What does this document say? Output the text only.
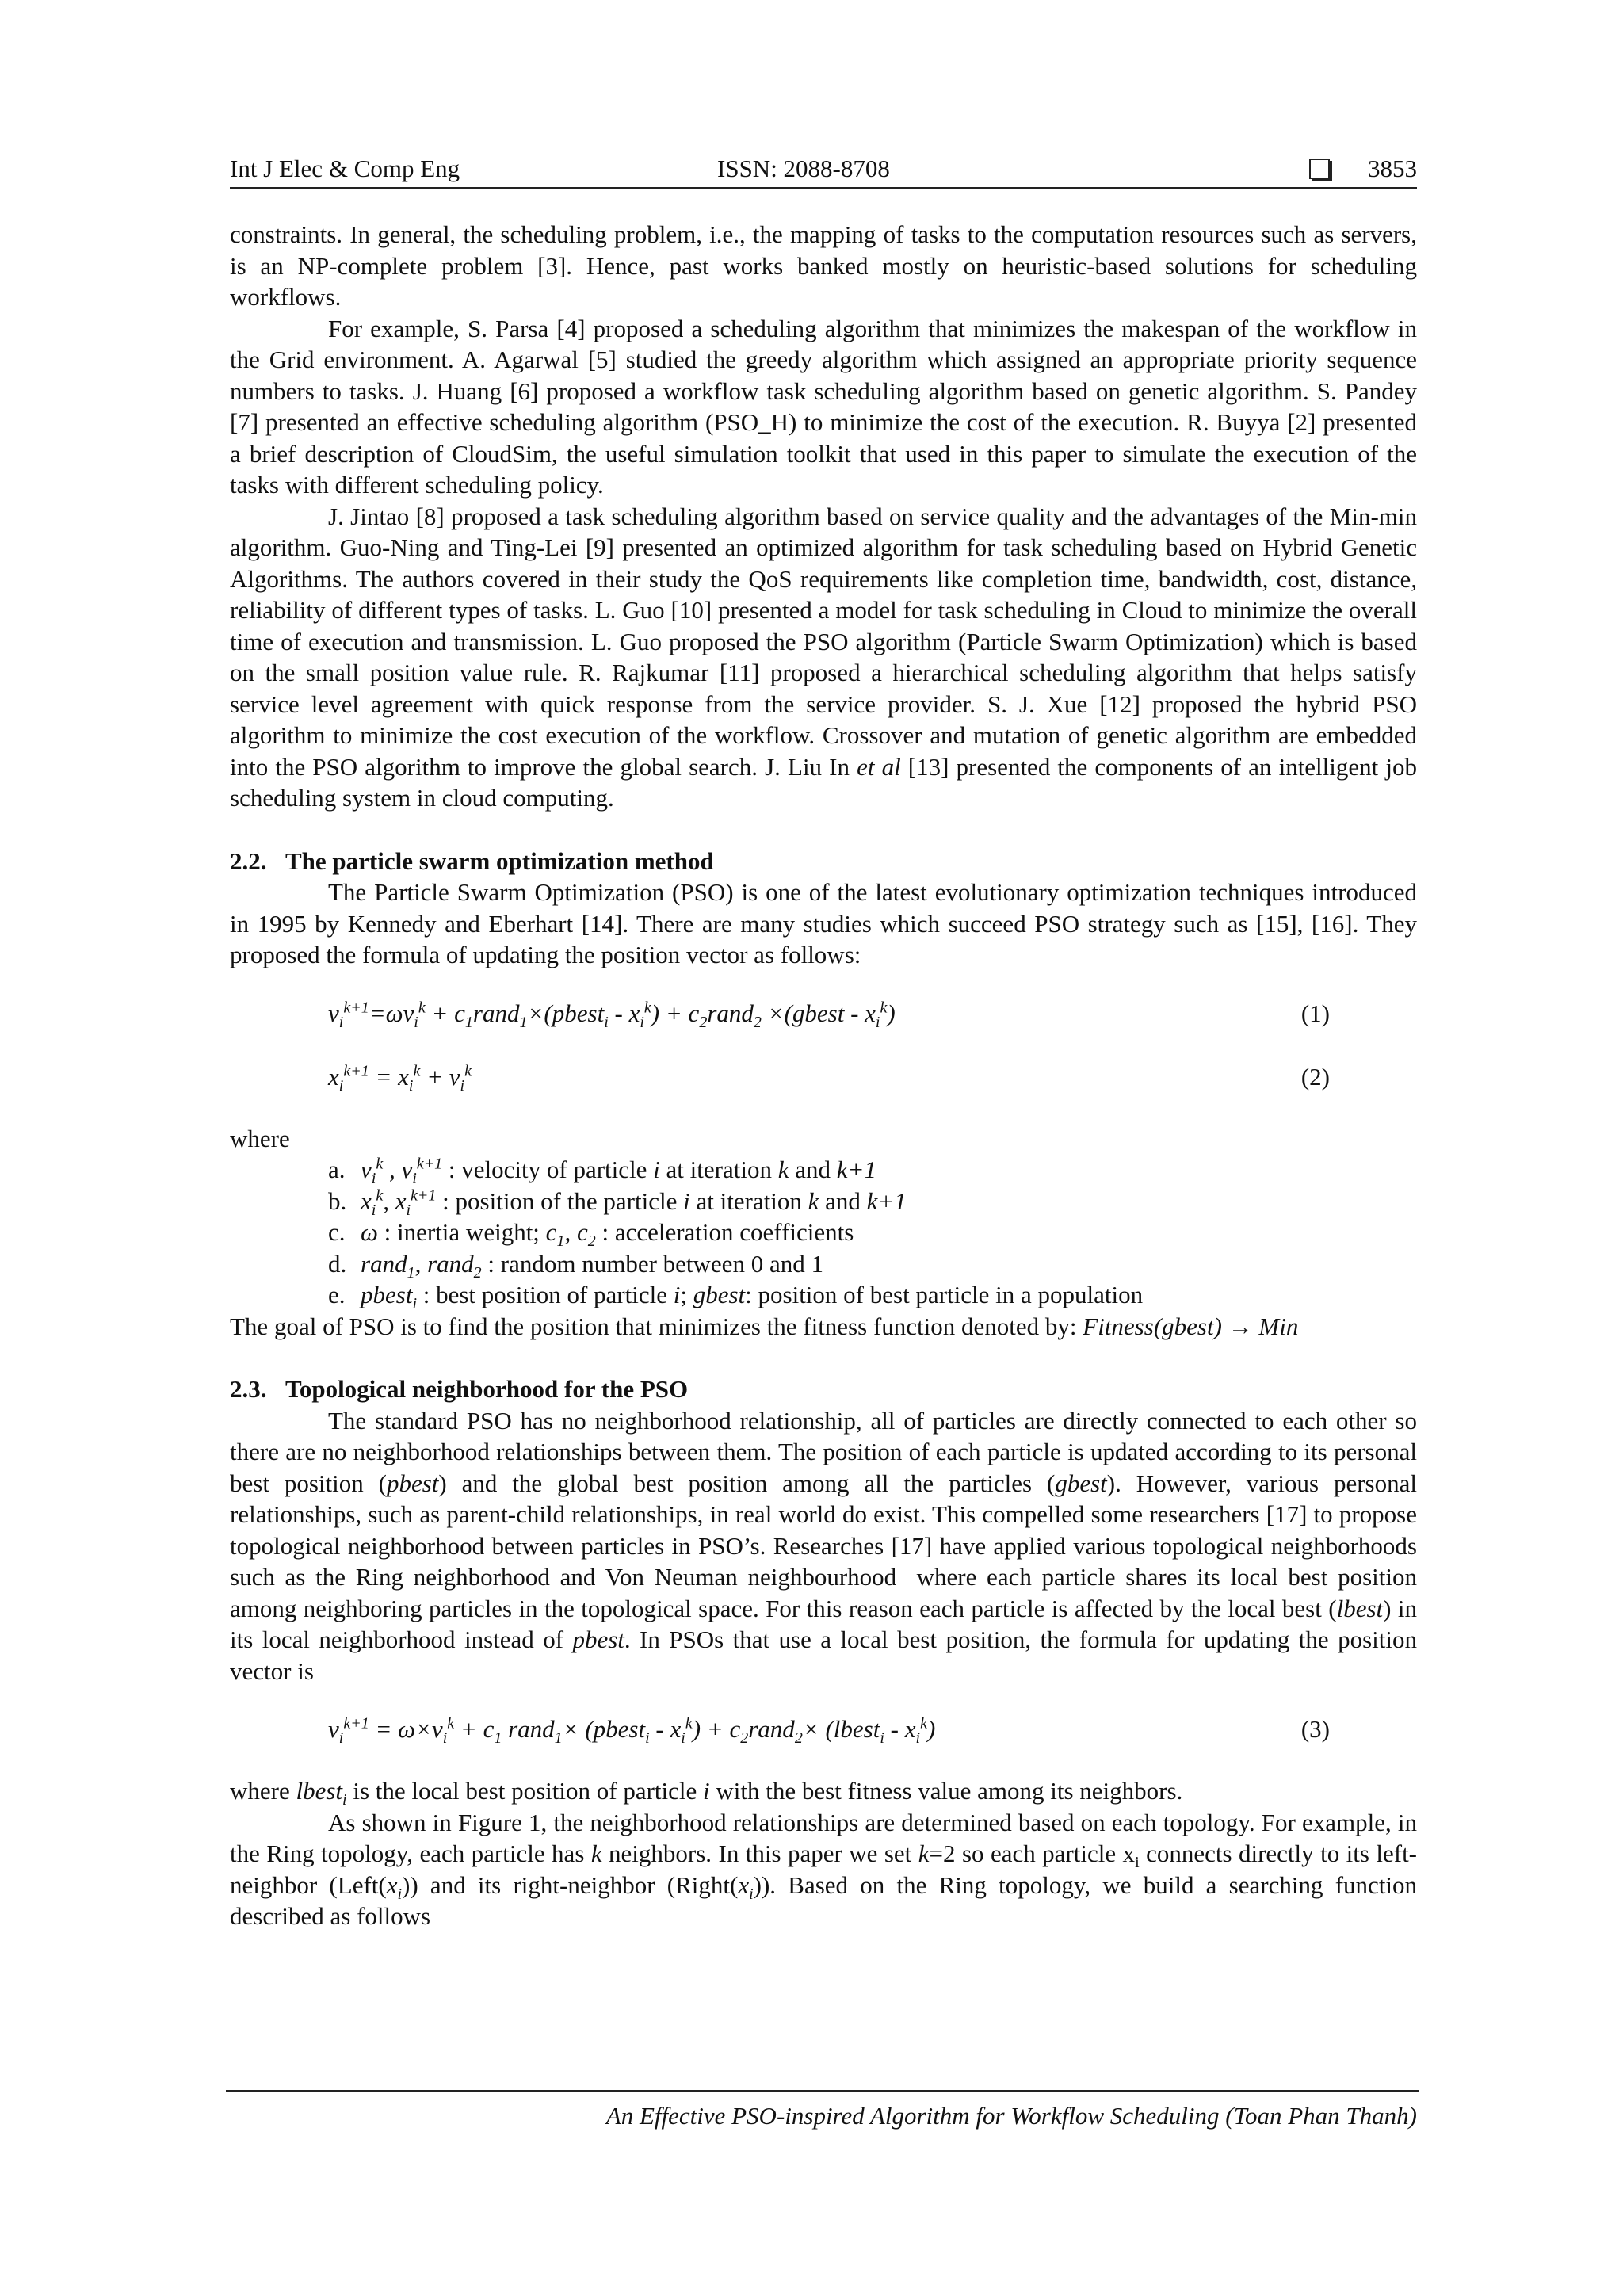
Int J Elec & Comp Eng	ISSN: 2088-8708	3853

constraints. In general, the scheduling problem, i.e., the mapping of tasks to the computation resources such as servers, is an NP-complete problem [3]. Hence, past works banked mostly on heuristic-based solutions for scheduling workflows.

For example, S. Parsa [4] proposed a scheduling algorithm that minimizes the makespan of the workflow in the Grid environment. A. Agarwal [5] studied the greedy algorithm which assigned an appropriate priority sequence numbers to tasks. J. Huang [6] proposed a workflow task scheduling algorithm based on genetic algorithm. S. Pandey [7] presented an effective scheduling algorithm (PSO_H) to minimize the cost of the execution. R. Buyya [2] presented a brief description of CloudSim, the useful simulation toolkit that used in this paper to simulate the execution of the tasks with different scheduling policy.

J. Jintao [8] proposed a task scheduling algorithm based on service quality and the advantages of the Min-min algorithm. Guo-Ning and Ting-Lei [9] presented an optimized algorithm for task scheduling based on Hybrid Genetic Algorithms. The authors covered in their study the QoS requirements like completion time, bandwidth, cost, distance, reliability of different types of tasks. L. Guo [10] presented a model for task scheduling in Cloud to minimize the overall time of execution and transmission. L. Guo proposed the PSO algorithm (Particle Swarm Optimization) which is based on the small position value rule. R. Rajkumar [11] proposed a hierarchical scheduling algorithm that helps satisfy service level agreement with quick response from the service provider. S. J. Xue [12] proposed the hybrid PSO algorithm to minimize the cost execution of the workflow. Crossover and mutation of genetic algorithm are embedded into the PSO algorithm to improve the global search. J. Liu In et al [13] presented the components of an intelligent job scheduling system in cloud computing.

2.2. The particle swarm optimization method

The Particle Swarm Optimization (PSO) is one of the latest evolutionary optimization techniques introduced in 1995 by Kennedy and Eberhart [14]. There are many studies which succeed PSO strategy such as [15], [16]. They proposed the formula of updating the position vector as follows:

$v_i^{k+1}=\omega v_i^k$ + $c_1rand_1\times(pbest_i - x_i^k)$ + $c_2rand_2$ ×(gbest - $x_i^k$)	(1)
$x_i^{k+1} = x_i^k + v_i^k$	(2)

where

a. $v_i^k$ , $v_i^{k+1}$ : velocity of particle i at iteration k and k+1
b. $x_i^k$, $x_i^{k+1}$ : position of the particle i at iteration k and k+1
c. ω : inertia weight; $c_1$, $c_2$ : acceleration coefficients
d. rand$_1$, rand$_2$ : random number between 0 and 1
e. pbest$_i$ : best position of particle i; gbest: position of best particle in a population

The goal of PSO is to find the position that minimizes the fitness function denoted by: Fitness(gbest) → Min

2.3. Topological neighborhood for the PSO

The standard PSO has no neighborhood relationship, all of particles are directly connected to each other so there are no neighborhood relationships between them. The position of each particle is updated according to its personal best position (pbest) and the global best position among all the particles (gbest). However, various personal relationships, such as parent-child relationships, in real world do exist. This compelled some researchers [17] to propose topological neighborhood between particles in PSO’s. Researches [17] have applied various topological neighborhoods such as the Ring neighborhood and Von Neuman neighbourhood  where each particle shares its local best position among neighboring particles in the topological space. For this reason each particle is affected by the local best (lbest) in its local neighborhood instead of pbest. In PSOs that use a local best position, the formula for updating the position vector is

$v_i^{k+1} = \omega\times v_i^k + c_1$ rand$_1$× (pbest$_i$ - $x_i^k$) + $c_2rand_2\times$ (lbest$_i$ - $x_i^k$)	(3)

where lbest$_i$ is the local best position of particle i with the best fitness value among its neighbors.

As shown in Figure 1, the neighborhood relationships are determined based on each topology. For example, in the Ring topology, each particle has k neighbors. In this paper we set k=2 so each particle $x_i$ connects directly to its left-neighbor $(Left(x_i))$ and its right-neighbor $(Right(x_i))$. Based on the Ring topology, we build a searching function described as follows

An Effective PSO-inspired Algorithm for Workflow Scheduling (Toan Phan Thanh)
